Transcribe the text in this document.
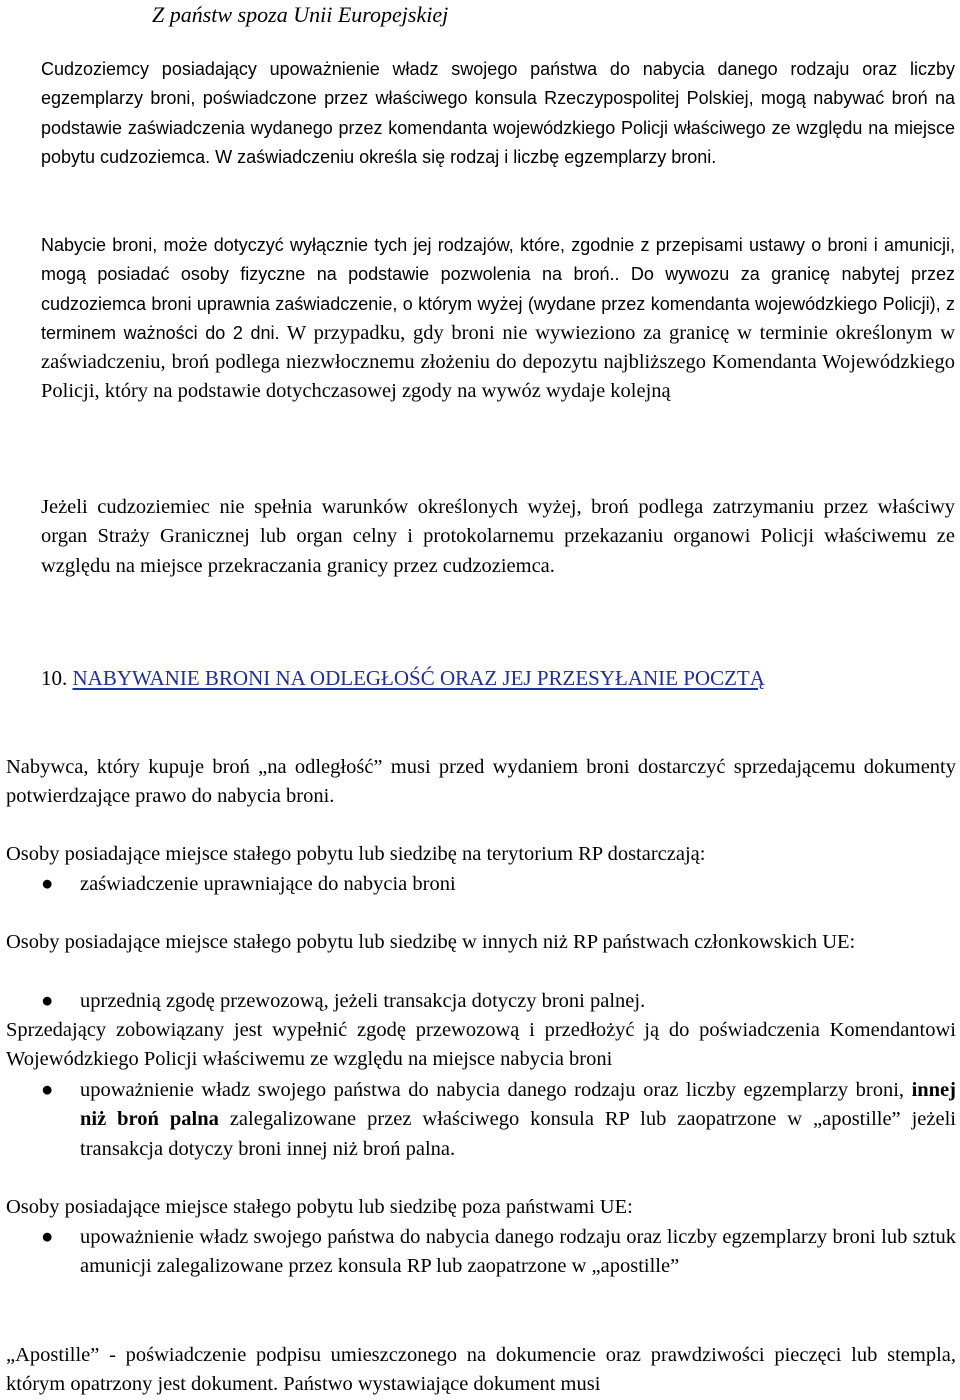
Z państw spoza Unii Europejskiej

Cudzoziemcy posiadający upoważnienie władz swojego państwa do nabycia danego rodzaju oraz liczby egzemplarzy broni, poświadczone przez właściwego konsula Rzeczypospolitej Polskiej, mogą nabywać broń na podstawie zaświadczenia wydanego przez komendanta wojewódzkiego Policji właściwego ze względu na miejsce pobytu cudzoziemca. W zaświadczeniu określa się rodzaj i liczbę egzemplarzy broni.

Nabycie broni, może dotyczyć wyłącznie tych jej rodzajów, które, zgodnie z przepisami ustawy o broni i amunicji, mogą posiadać osoby fizyczne na podstawie pozwolenia na broń.. Do wywozu za granicę nabytej przez cudzoziemca broni uprawnia zaświadczenie, o którym wyżej (wydane przez komendanta wojewódzkiego Policji), z terminem ważności do 2 dni. W przypadku, gdy broni nie wywieziono za granicę w terminie określonym w zaświadczeniu, broń podlega niezwłocznemu złożeniu do depozytu najbliższego Komendanta Wojewódzkiego Policji, który na podstawie dotychczasowej zgody na wywóz wydaje kolejną

Jeżeli cudzoziemiec nie spełnia warunków określonych wyżej, broń podlega zatrzymaniu przez właściwy organ Straży Granicznej lub organ celny i protokolarnemu przekazaniu organowi Policji właściwemu ze względu na miejsce przekraczania granicy przez cudzoziemca.

10. NABYWANIE BRONI NA ODLEGŁOŚĆ ORAZ JEJ PRZESYŁANIE POCZTĄ

Nabywca, który kupuje broń „na odległość” musi przed wydaniem broni dostarczyć sprzedającemu dokumenty potwierdzające prawo do nabycia broni.

Osoby posiadające miejsce stałego pobytu lub siedzibę na terytorium RP dostarczają:

● zaświadczenie uprawniające do nabycia broni

Osoby posiadające miejsce stałego pobytu lub siedzibę w innych niż RP państwach członkowskich UE:

● uprzednią zgodę przewozową, jeżeli transakcja dotyczy broni palnej.

Sprzedający zobowiązany jest wypełnić zgodę przewozową i przedłożyć ją do poświadczenia Komendantowi Wojewódzkiego Policji właściwemu ze względu na miejsce nabycia broni

● upoważnienie władz swojego państwa do nabycia danego rodzaju oraz liczby egzemplarzy broni, innej niż broń palna zalegalizowane przez właściwego konsula RP lub zaopatrzone w „apostille” jeżeli transakcja dotyczy broni innej niż broń palna.

Osoby posiadające miejsce stałego pobytu lub siedzibę poza państwami UE:

● upoważnienie władz swojego państwa do nabycia danego rodzaju oraz liczby egzemplarzy broni lub sztuk amunicji zalegalizowane przez konsula RP lub zaopatrzone w „apostille”

„Apostille” - poświadczenie podpisu umieszczonego na dokumencie oraz prawdziwości pieczęci lub stempla, którym opatrzony jest dokument. Państwo wystawiające dokument musi
